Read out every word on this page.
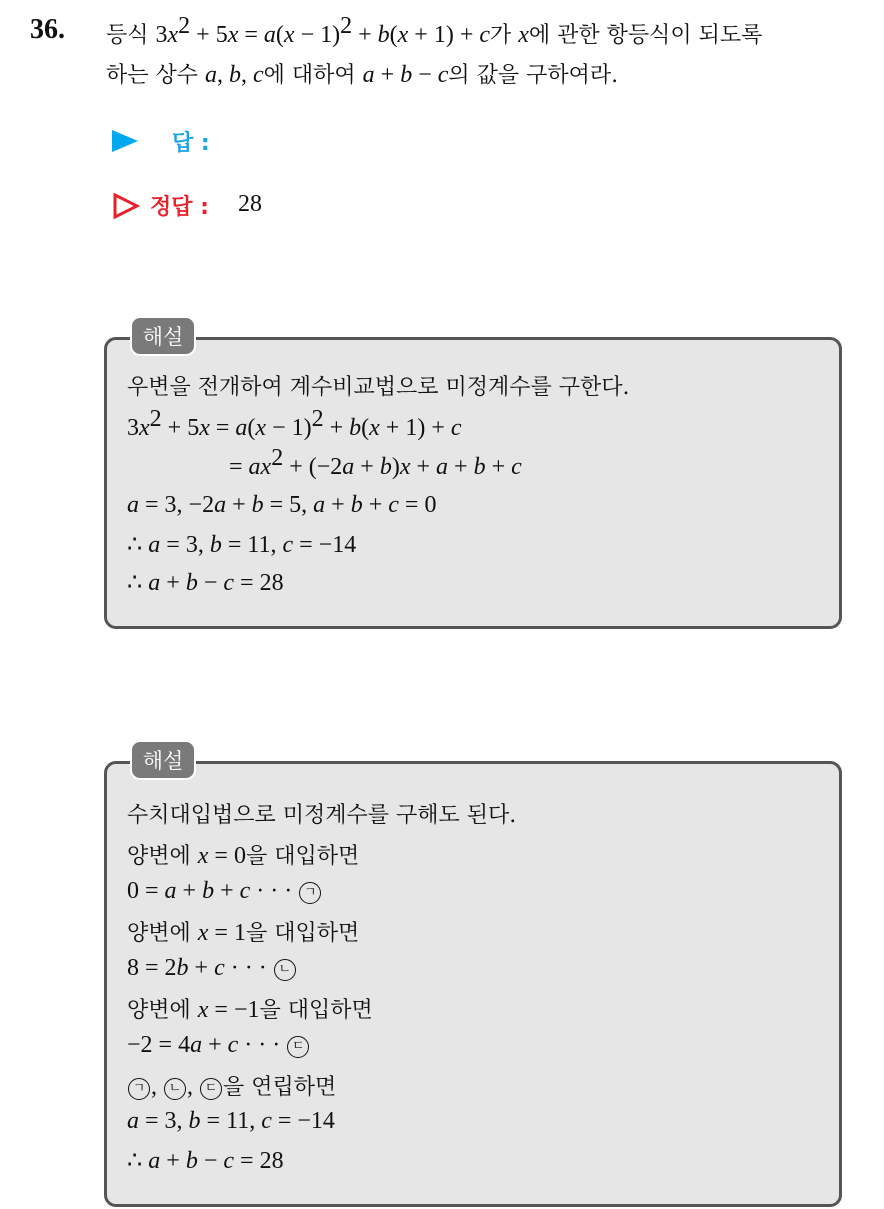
36. 등식 $3x^2 + 5x = a(x - 1)^2 + b(x + 1) + c$가 x에 관한 항등식이 되도록
하는 상수 a, b, c에 대하여 a + b − c의 값을 구하여라.
답 :
정답 : 28
우변을 전개하여 계수비교법으로 미정계수를 구한다.
$3x^2 + 5x = a(x - 1)^2 + b(x + 1) + c$
= $ax^2 + (-2a + b)x + a + b + c$
a = 3, −2a + b = 5, a + b + c = 0
∴ a = 3, b = 11, c = −14
∴ a + b − c = 28
해설
수치대입법으로 미정계수를 구해도 된다.
양변에 x = 0을 대입하면
0 = a + b + c · · · ㄱ
양변에 x = 1을 대입하면
8 = 2b + c · · · ㄴ
양변에 x = −1을 대입하면
−2 = 4a + c · · · ㄷ
ㄱ , ㄴ , ㄷ 을 연립하면
a = 3, b = 11, c = −14
∴ a + b − c = 28
해설
